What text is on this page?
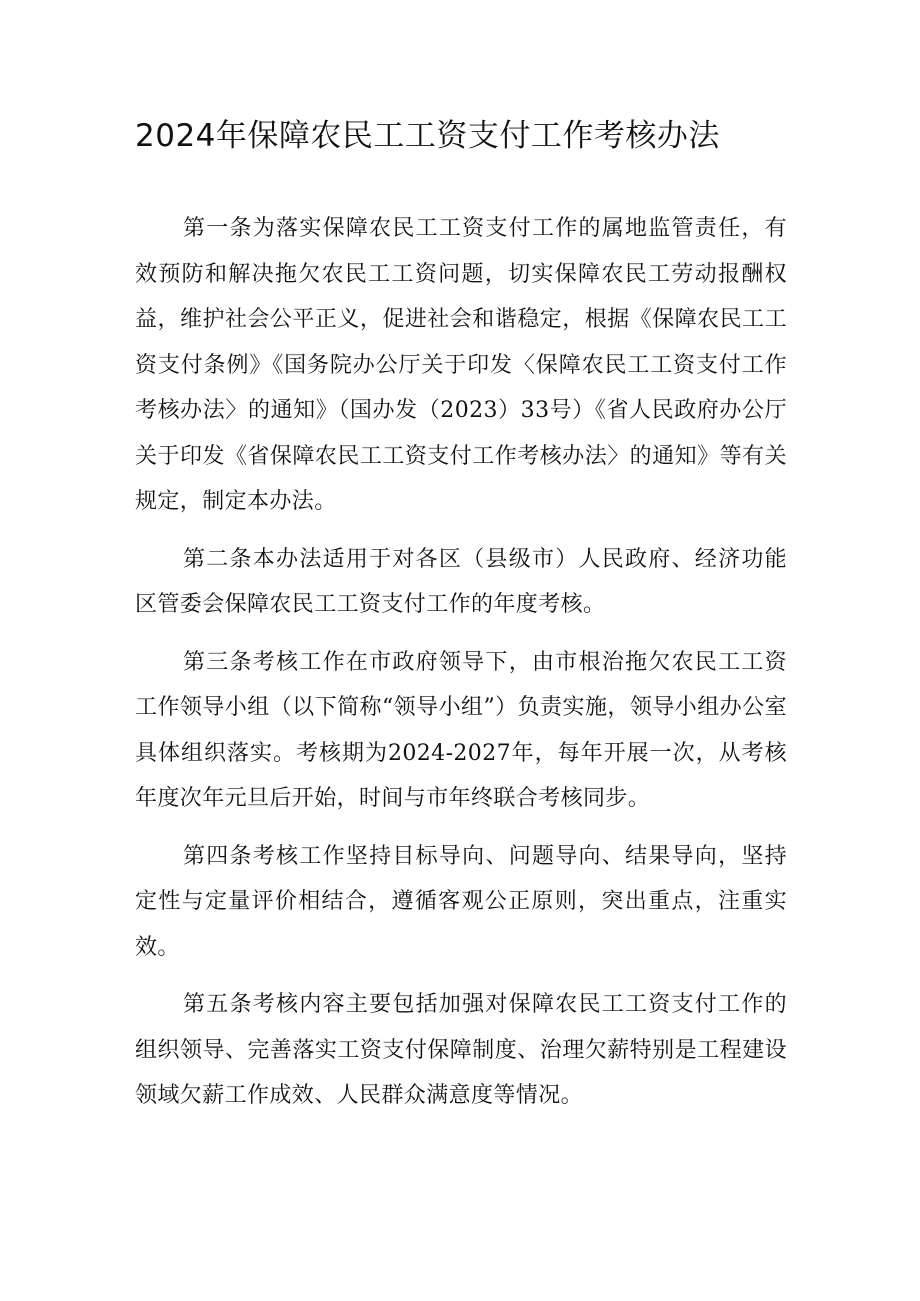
2024年保障农民工工资支付工作考核办法

第一条为落实保障农民工工资支付工作的属地监管责任，有效预防和解决拖欠农民工工资问题，切实保障农民工劳动报酬权益，维护社会公平正义，促进社会和谐稳定，根据《保障农民工工资支付条例》《国务院办公厅关于印发〈保障农民工工资支付工作考核办法〉的通知》（国办发（2023）33号）《省人民政府办公厅关于印发《省保障农民工工资支付工作考核办法〉的通知》等有关规定，制定本办法。

第二条本办法适用于对各区（县级市）人民政府、经济功能区管委会保障农民工工资支付工作的年度考核。

第三条考核工作在市政府领导下，由市根治拖欠农民工工资工作领导小组（以下简称“领导小组”）负责实施，领导小组办公室具体组织落实。考核期为2024-2027年，每年开展一次，从考核年度次年元旦后开始，时间与市年终联合考核同步。

第四条考核工作坚持目标导向、问题导向、结果导向，坚持定性与定量评价相结合，遵循客观公正原则，突出重点，注重实效。

第五条考核内容主要包括加强对保障农民工工资支付工作的组织领导、完善落实工资支付保障制度、治理欠薪特别是工程建设领域欠薪工作成效、人民群众满意度等情况。
